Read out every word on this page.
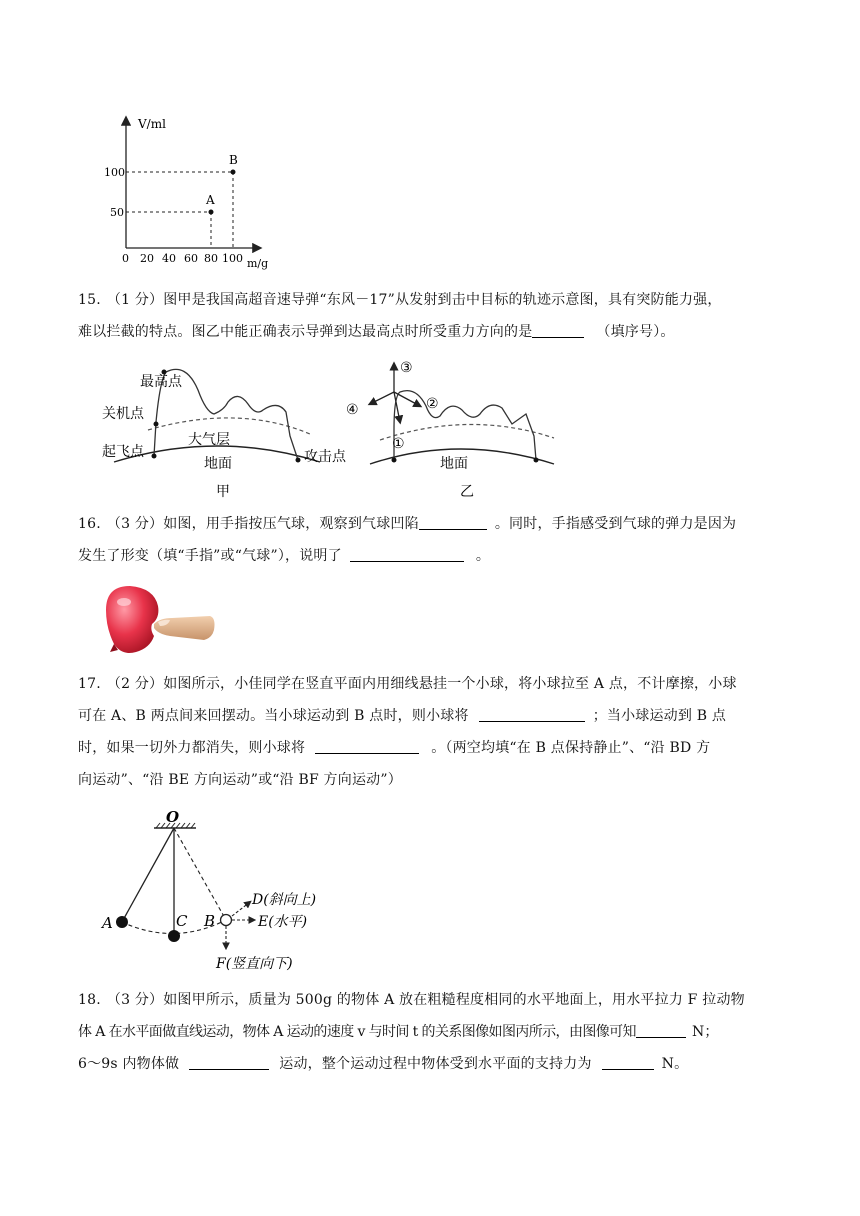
V/ml
m/g
100
50
0 20 40 60 80 100
A
B
15. （1 分）图甲是我国高超音速导弹“东风－17”从发射到击中目标的轨迹示意图，具有突防能力强，
难以拦截的特点。图乙中能正确表示导弹到达最高点时所受重力方向的是	（填序号）。
最高点
关机点
起飞点
大气层
地面	攻击点
甲
③
④	②
①
地面
乙
16. （3 分）如图，用手指按压气球，观察到气球凹陷	。同时，手指感受到气球的弹力是因为
发生了形变（填“手指”或“气球”），说明了	。
17. （2 分）如图所示，小佳同学在竖直平面内用细线悬挂一个小球，将小球拉至 A 点，不计摩擦，小球
可在 A、B 两点间来回摆动。当小球运动到 B 点时，则小球将	；当小球运动到 B 点
时，如果一切外力都消失，则小球将	。（两空均填“在 B 点保持静止”、“沿 BD 方
向运动”、“沿 BE 方向运动”或“沿 BF 方向运动”）
O
A	C B
D(斜向上)
E(水平)
F(竖直向下)
18. （3 分）如图甲所示，质量为 500g 的物体 A 放在粗糙程度相同的水平地面上，用水平拉力 F 拉动物
体 A 在水平面做直线运动，物体 A 运动的速度 v 与时间 t 的关系图像如图丙所示，由图像可知	N；
6～9s 内物体做	运动，整个运动过程中物体受到水平面的支持力为	N。
